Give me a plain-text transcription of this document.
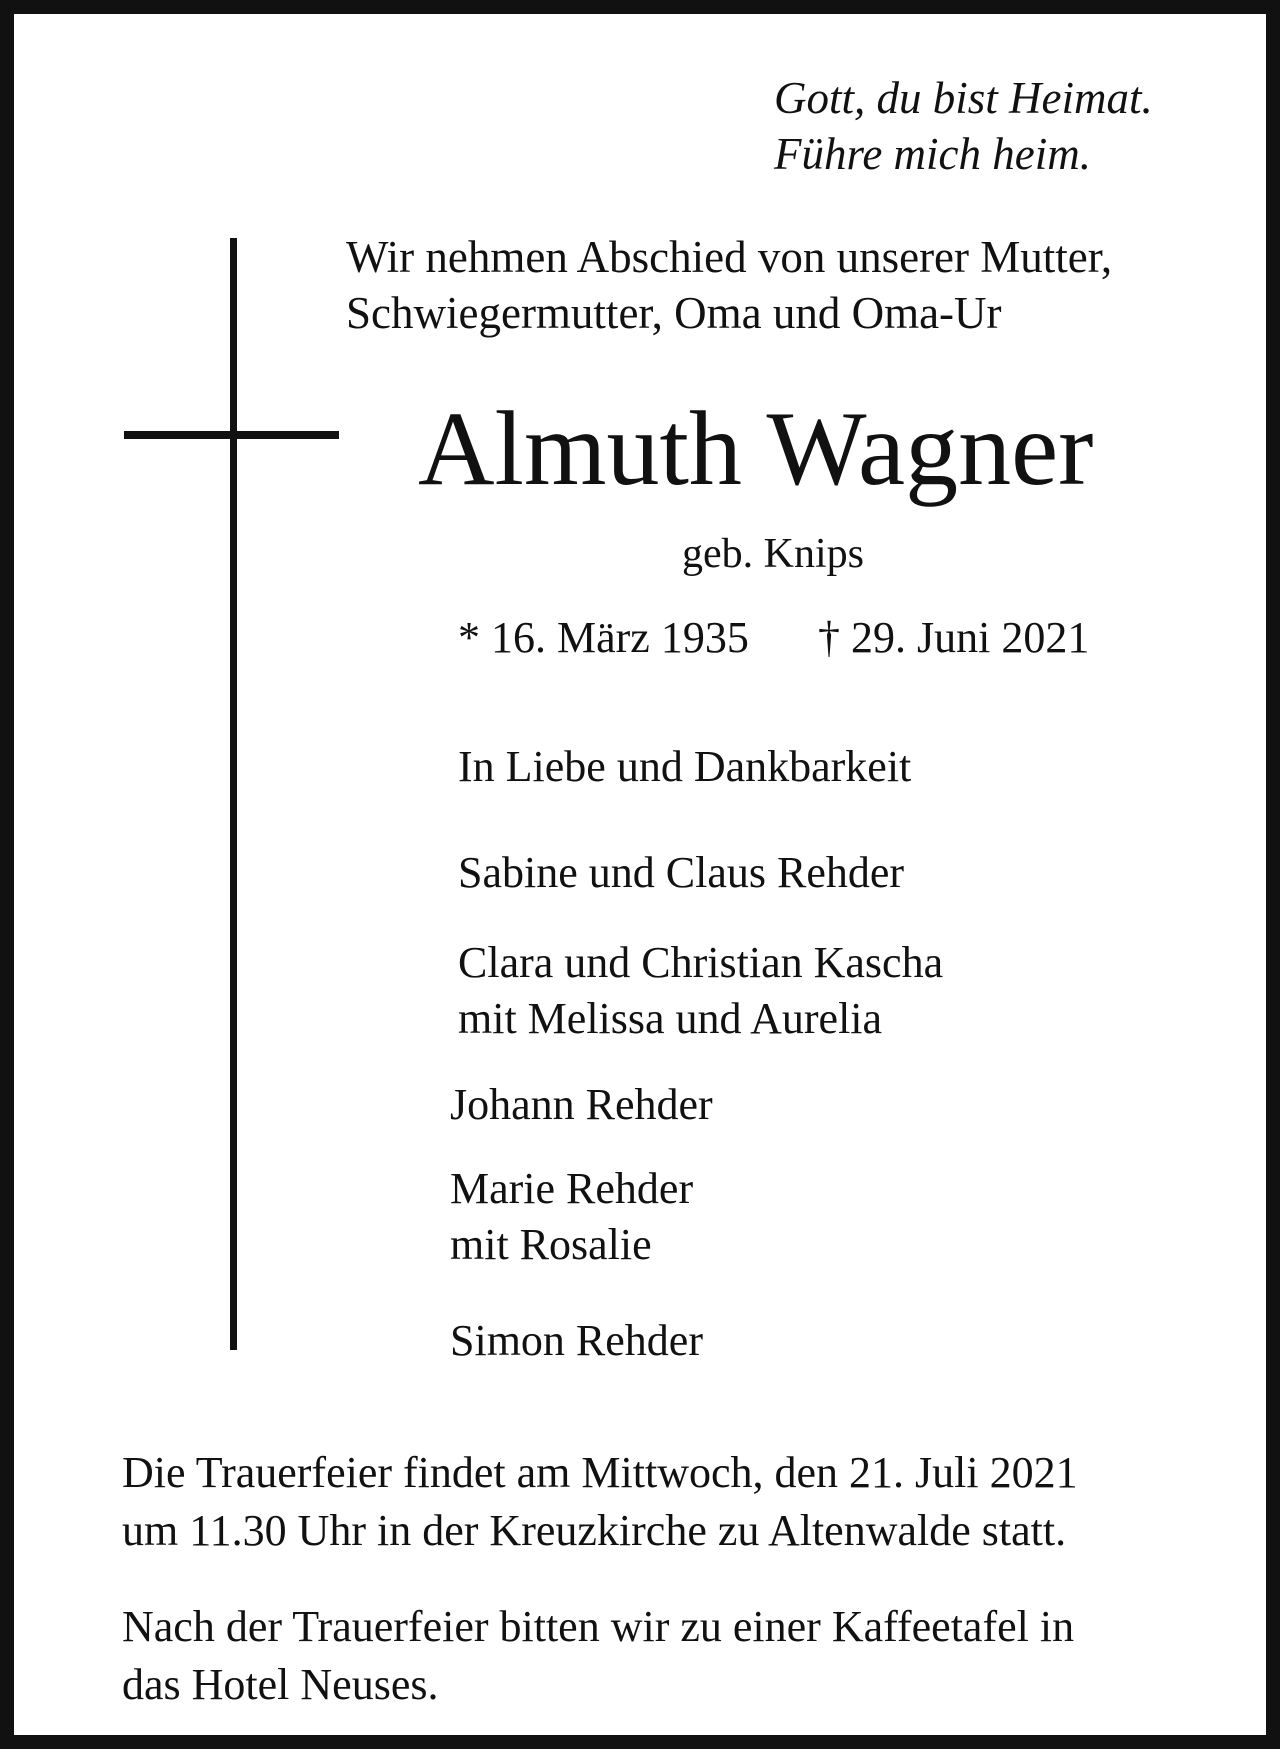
Gott, du bist Heimat.
Führe mich heim.
Wir nehmen Abschied von unserer Mutter,
Schwiegermutter, Oma und Oma-Ur
Almuth Wagner
geb. Knips
* 16. März 1935 † 29. Juni 2021
In Liebe und Dankbarkeit
Sabine und Claus Rehder
Clara und Christian Kascha
mit Melissa und Aurelia
Johann Rehder
Marie Rehder
mit Rosalie
Simon Rehder
Die Trauerfeier findet am Mittwoch, den 21. Juli 2021
um 11.30 Uhr in der Kreuzkirche zu Altenwalde statt.
Nach der Trauerfeier bitten wir zu einer Kaffeetafel in
das Hotel Neuses.
